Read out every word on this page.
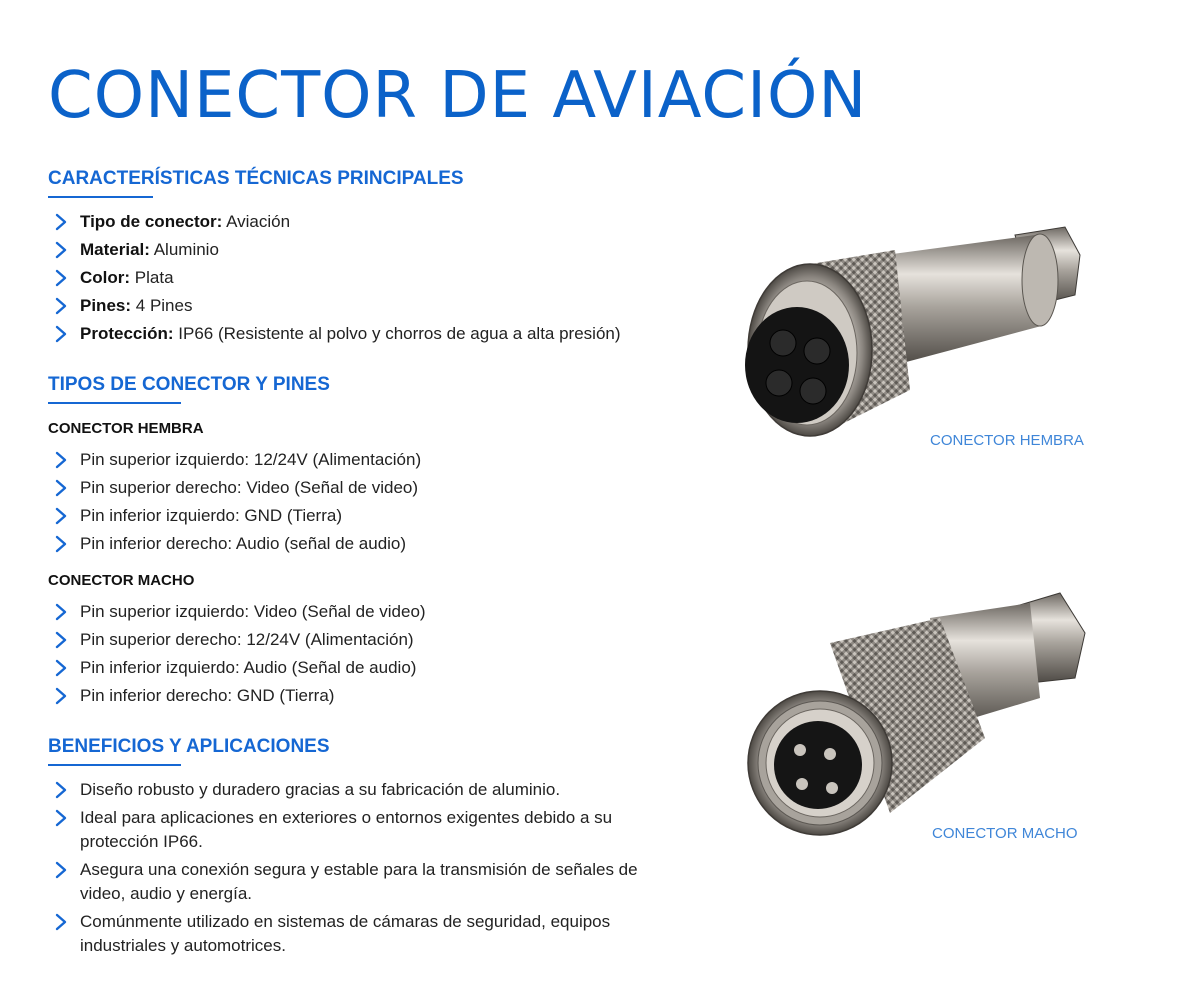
CONECTOR DE AVIACIÓN
CARACTERÍSTICAS TÉCNICAS PRINCIPALES
Tipo de conector: Aviación
Material: Aluminio
Color: Plata
Pines: 4 Pines
Protección: IP66 (Resistente al polvo y chorros de agua a alta presión)
TIPOS DE CONECTOR Y PINES
CONECTOR HEMBRA
Pin superior izquierdo: 12/24V (Alimentación)
Pin superior derecho: Video (Señal de video)
Pin inferior izquierdo: GND (Tierra)
Pin inferior derecho: Audio (señal de audio)
CONECTOR MACHO
Pin superior izquierdo: Video (Señal de video)
Pin superior derecho: 12/24V (Alimentación)
Pin inferior izquierdo: Audio (Señal de audio)
Pin inferior derecho: GND (Tierra)
BENEFICIOS Y APLICACIONES
Diseño robusto y duradero gracias a su fabricación de aluminio.
Ideal para aplicaciones en exteriores o entornos exigentes debido a su protección IP66.
Asegura una conexión segura y estable para la transmisión de señales de video, audio y energía.
Comúnmente utilizado en sistemas de cámaras de seguridad, equipos industriales y automotrices.
CONECTOR HEMBRA
CONECTOR MACHO
